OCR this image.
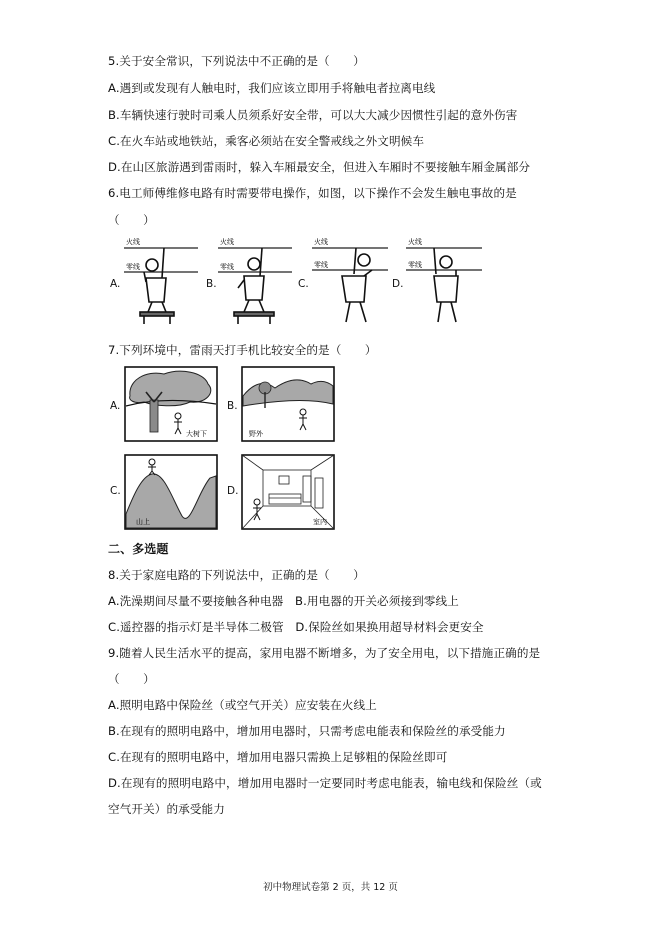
5.关于安全常识，下列说法中不正确的是（　　）
A.遇到或发现有人触电时，我们应该立即用手将触电者拉离电线
B.车辆快速行驶时司乘人员须系好安全带，可以大大减少因惯性引起的意外伤害
C.在火车站或地铁站，乘客必须站在安全警戒线之外文明候车
D.在山区旅游遇到雷雨时，躲入车厢最安全，但进入车厢时不要接触车厢金属部分
6.电工师傅维修电路有时需要带电操作，如图，以下操作不会发生触电事故的是
（　　）
A.	B.	C.	D.
火线
零线
火线
零线
火线
零线
火线
零线
7.下列环境中，雷雨天打手机比较安全的是（　　）
A.	B.
C.	D.
大树下	野外
山上	室内
二、多选题
8.关于家庭电路的下列说法中，正确的是（　　）
A.洗澡期间尽量不要接触各种电器　B.用电器的开关必须接到零线上
C.遥控器的指示灯是半导体二极管　D.保险丝如果换用超导材料会更安全
9.随着人民生活水平的提高，家用电器不断增多，为了安全用电，以下措施正确的是
（　　）
A.照明电路中保险丝（或空气开关）应安装在火线上
B.在现有的照明电路中，增加用电器时，只需考虑电能表和保险丝的承受能力
C.在现有的照明电路中，增加用电器只需换上足够粗的保险丝即可
D.在现有的照明电路中，增加用电器时一定要同时考虑电能表，输电线和保险丝（或
空气开关）的承受能力
初中物理试卷第 2 页，共 12 页
